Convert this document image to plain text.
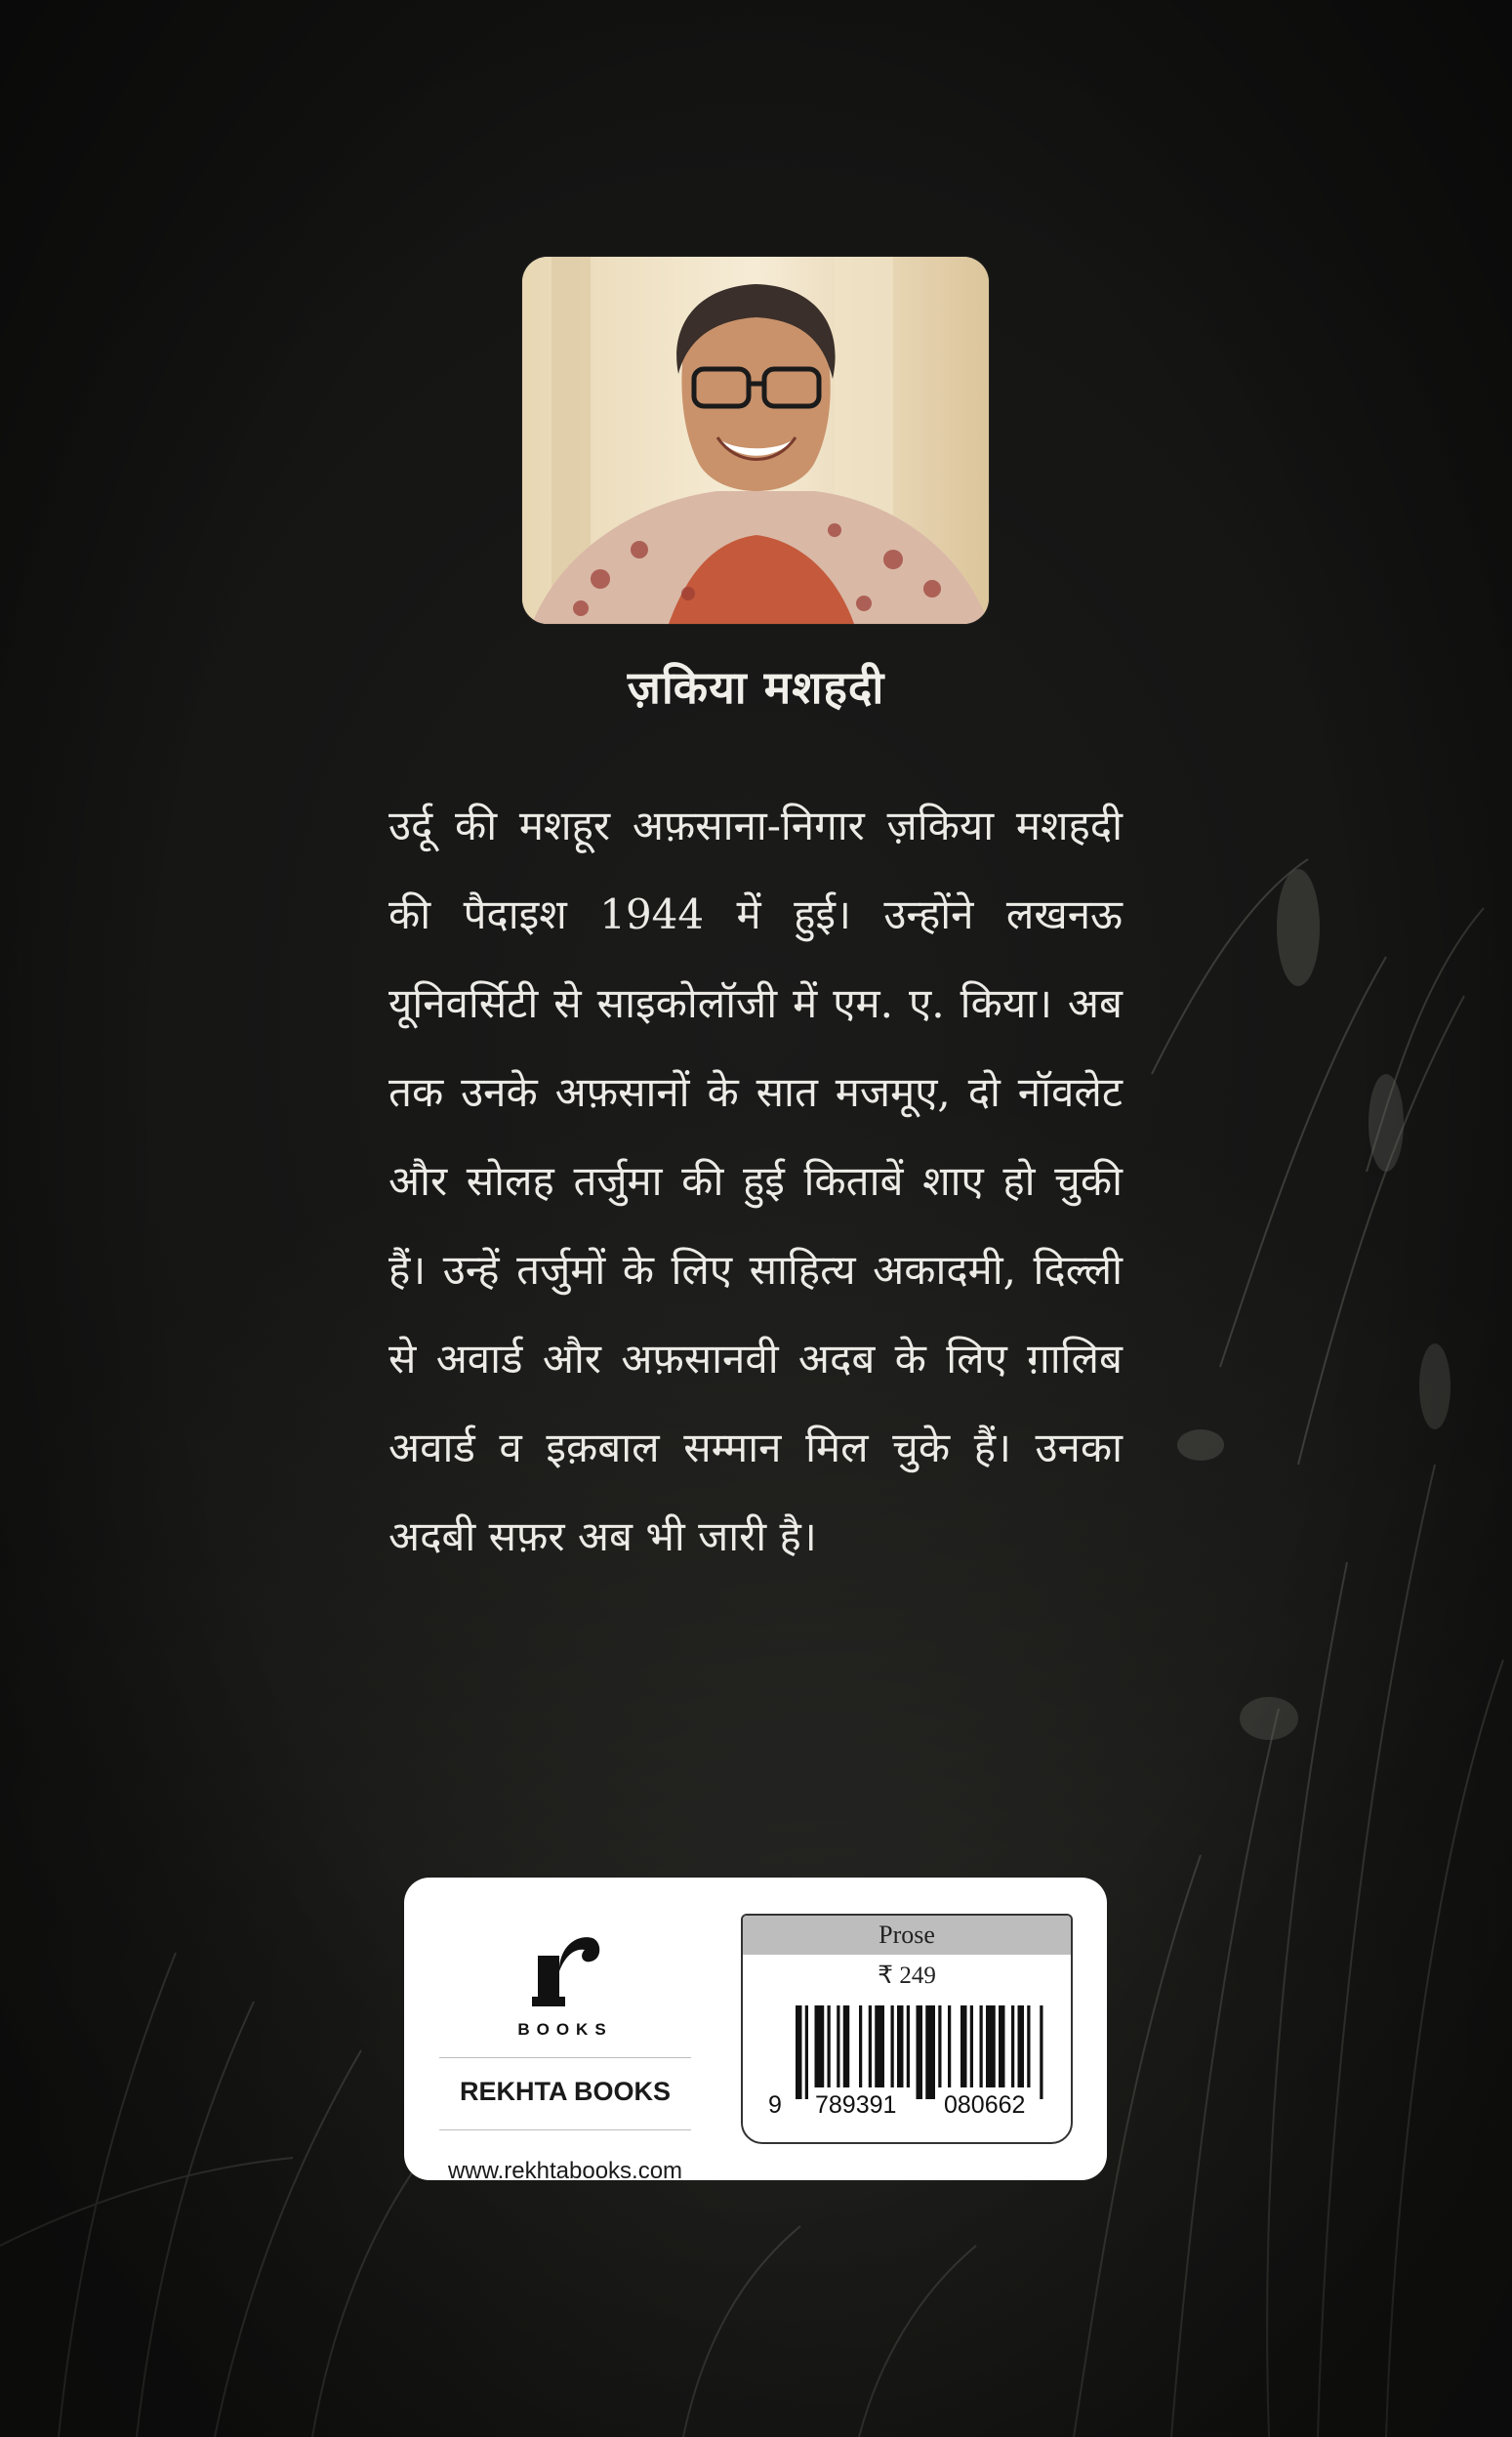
ज़किया मशहदी
उर्दू की मशहूर अफ़साना-निगार ज़किया मशहदी की पैदाइश 1944 में हुई। उन्होंने लखनऊ यूनिवर्सिटी से साइकोलॉजी में एम. ए. किया। अब तक उनके अफ़सानों के सात मजमूए, दो नॉवलेट और सोलह तर्जुमा की हुई किताबें शाए हो चुकी हैं। उन्हें तर्जुमों के लिए साहित्य अकादमी, दिल्ली से अवार्ड और अफ़सानवी अदब के लिए ग़ालिब अवार्ड व इक़बाल सम्मान मिल चुके हैं। उनका अदबी सफ़र अब भी जारी है।
BOOKS
REKHTA BOOKS
www.rekhtabooks.com
Prose
₹ 249
9 789391 080662
